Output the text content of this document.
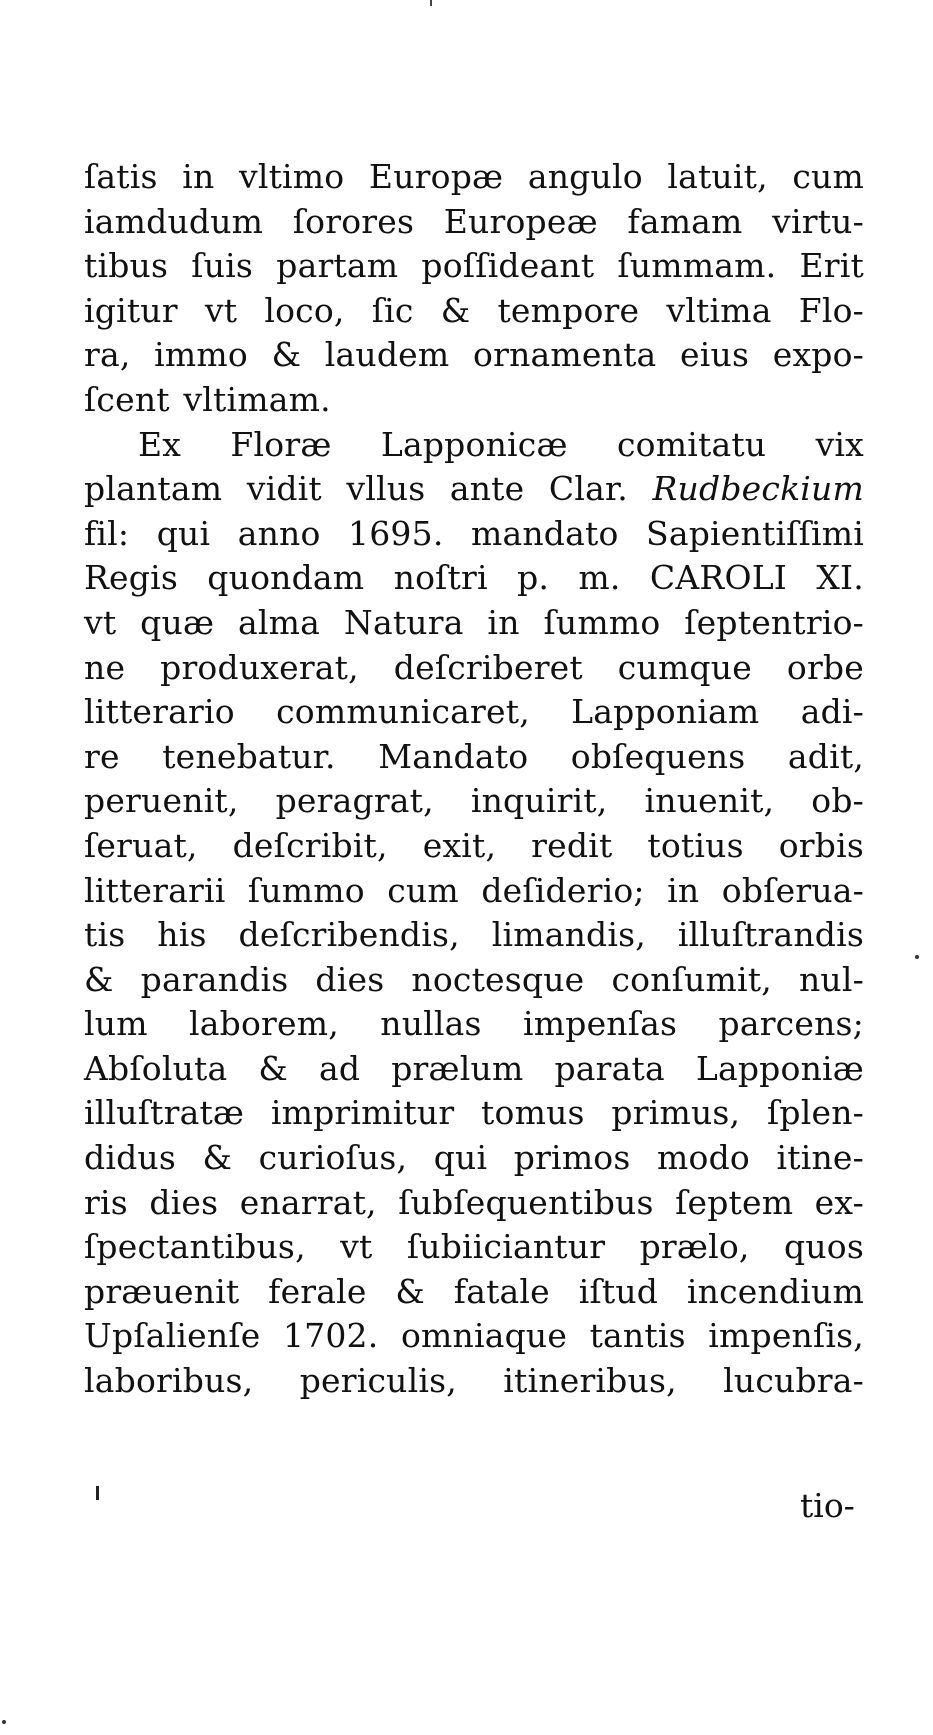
ſatis in vltimo Europæ angulo latuit, cum
iamdudum ſorores Europeæ famam virtu-
tibus ſuis partam poſſideant ſummam. Erit
igitur vt loco, ſic & tempore vltima Flo-
ra, immo & laudem ornamenta eius expo-
ſcent vltimam.
Ex Floræ Lapponicæ comitatu vix
plantam vidit vllus ante Clar. Rudbeckium
fil: qui anno 1695. mandato Sapientiſſimi
Regis quondam noſtri p. m. CAROLI XI.
vt quæ alma Natura in ſummo ſeptentrio-
ne produxerat, deſcriberet cumque orbe
litterario communicaret, Lapponiam adi-
re tenebatur. Mandato obſequens adit,
peruenit, peragrat, inquirit, inuenit, ob-
ſeruat, deſcribit, exit, redit totius orbis
litterarii ſummo cum deſiderio; in obſerua-
tis his deſcribendis, limandis, illuſtrandis
& parandis dies noctesque conſumit, nul-
lum laborem, nullas impenſas parcens;
Abſoluta & ad prælum parata Lapponiæ
illuſtratæ imprimitur tomus primus, ſplen-
didus & curioſus, qui primos modo itine-
ris dies enarrat, ſubſequentibus ſeptem ex-
ſpectantibus, vt ſubiiciantur prælo, quos
præuenit ferale & fatale iſtud incendium
Upſalienſe 1702. omniaque tantis impenſis,
laboribus, periculis, itineribus, lucubra-
tio-
